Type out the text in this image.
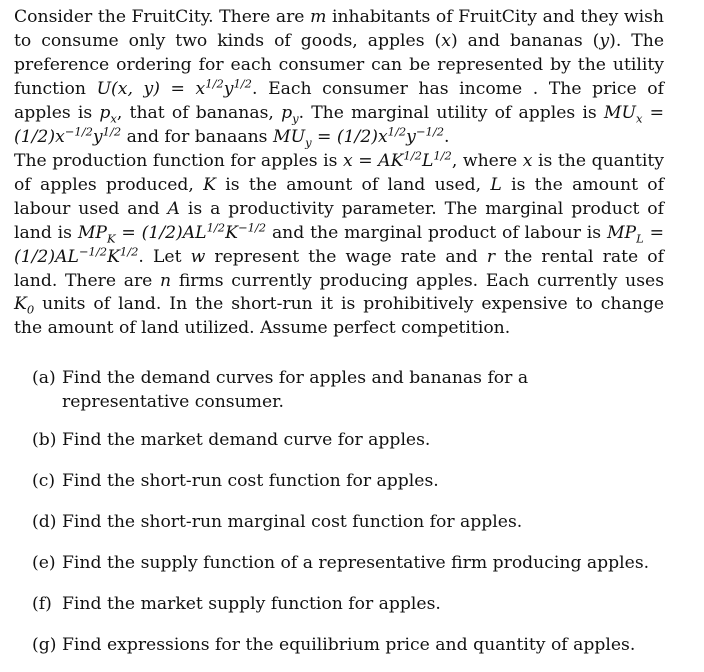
Consider the FruitCity. There are m inhabitants of FruitCity and they wish to consume only two kinds of goods, apples (x) and bananas (y). The preference ordering for each consumer can be represented by the utility function U(x, $y) = x^{1/2}y^{1/2}$. Each consumer has income . The price of apples is $p_x$, that of bananas, $p_y$. The marginal utility of apples is $MU_x = (1/2)x^{-1/2}y^{1/2}$ and for banaans $MU_y = (1/2)x^{1/2}y^{-1/2}$.
The production function for apples is $x = AK^{1/2}L^{1/2}$, where x is the quantity of apples produced, K is the amount of land used, L is the amount of labour used and A is a productivity parameter. The marginal product of land is $MP_K = (1/2)AL^{1/2}K^{-1/2}$ and the marginal product of labour is $MP_L = (1/2)AL^{-1/2}K^{1/2}$. Let w represent the wage rate and r the rental rate of land. There are n firms currently producing apples. Each currently uses $K_0$ units of land. In the short-run it is prohibitively expensive to change the amount of land utilized. Assume perfect competition.
(a) Find the demand curves for apples and bananas for a representative consumer.
(b) Find the market demand curve for apples.
(c) Find the short-run cost function for apples.
(d) Find the short-run marginal cost function for apples.
(e) Find the supply function of a representative firm producing apples.
(f) Find the market supply function for apples.
(g) Find expressions for the equilibrium price and quantity of apples.
